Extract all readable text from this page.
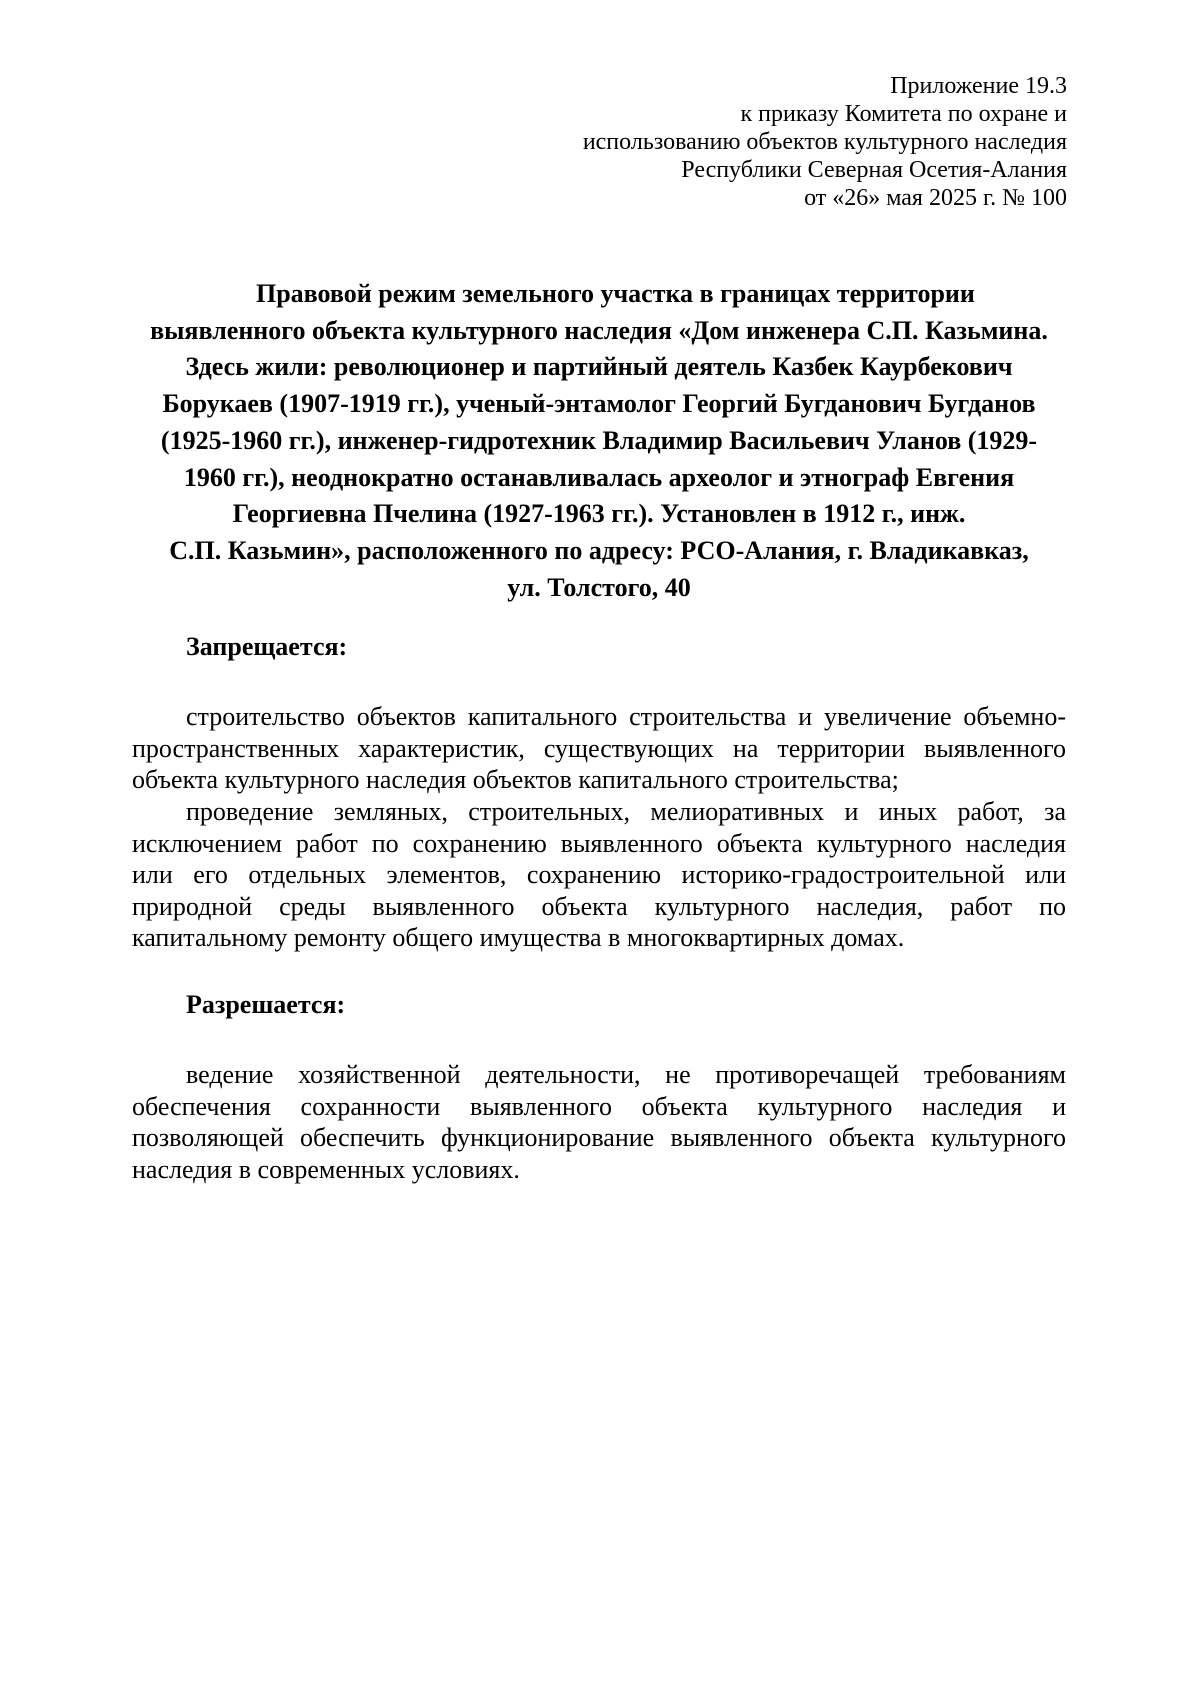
Приложение 19.3
к приказу Комитета по охране и
использованию объектов культурного наследия
Республики Северная Осетия-Алания
от «26» мая 2025 г. № 100
Правовой режим земельного участка в границах территории
выявленного объекта культурного наследия «Дом инженера С.П. Казьмина.
Здесь жили: революционер и партийный деятель Казбек Каурбекович
Борукаев (1907-1919 гг.), ученый-энтамолог Георгий Бугданович Бугданов
(1925-1960 гг.), инженер-гидротехник Владимир Васильевич Уланов (1929-
1960 гг.), неоднократно останавливалась археолог и этнограф Евгения
Георгиевна Пчелина (1927-1963 гг.). Установлен в 1912 г., инж.
С.П. Казьмин», расположенного по адресу: РСО-Алания, г. Владикавказ,
ул. Толстого, 40
Запрещается:
строительство объектов капитального строительства и увеличение объемно-
пространственных характеристик, существующих на территории выявленного
объекта культурного наследия объектов капитального строительства;
проведение земляных, строительных, мелиоративных и иных работ, за
исключением работ по сохранению выявленного объекта культурного наследия
или его отдельных элементов, сохранению историко-градостроительной или
природной среды выявленного объекта культурного наследия, работ по
капитальному ремонту общего имущества в многоквартирных домах.
Разрешается:
ведение хозяйственной деятельности, не противоречащей требованиям
обеспечения сохранности выявленного объекта культурного наследия и
позволяющей обеспечить функционирование выявленного объекта культурного
наследия в современных условиях.
